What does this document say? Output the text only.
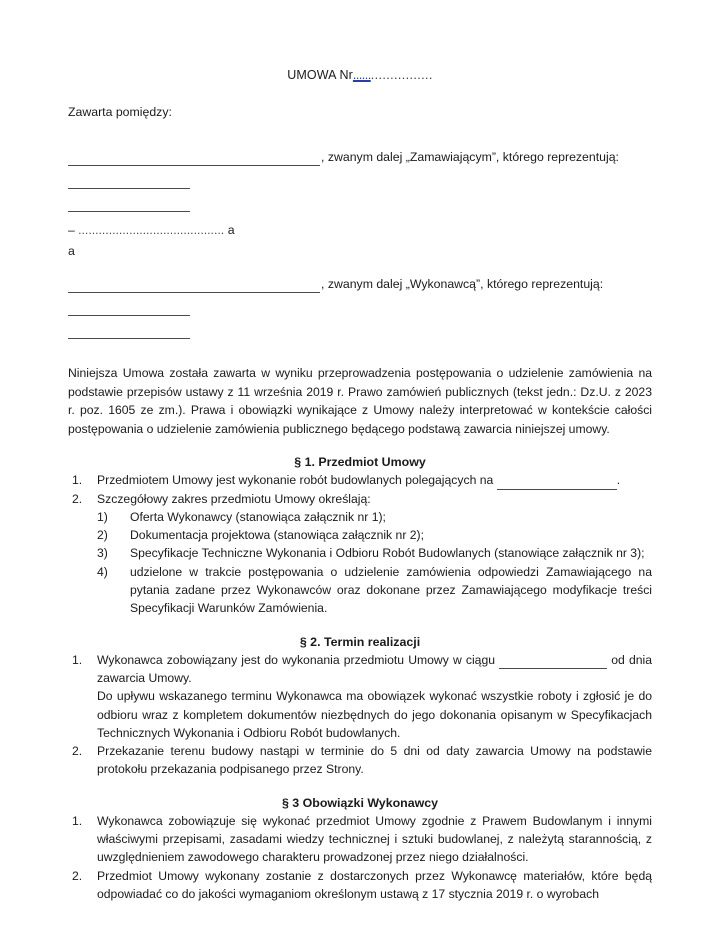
UMOWA Nr......................

Zawarta pomiędzy:

, zwanym dalej „Zamawiającym”, którego reprezentują:
– ........................................... a

a

, zwanym dalej „Wykonawcą”, którego reprezentują:

Niniejsza Umowa została zawarta w wyniku przeprowadzenia postępowania o udzielenie zamówienia na podstawie przepisów ustawy z 11 września 2019 r. Prawo zamówień publicznych (tekst jedn.: Dz.U. z 2023 r. poz. 1605 ze zm.). Prawa i obowiązki wynikające z Umowy należy interpretować w kontekście całości postępowania o udzielenie zamówienia publicznego będącego podstawą zawarcia niniejszej umowy.

§ 1. Przedmiot Umowy
1.	Przedmiotem Umowy jest wykonanie robót budowlanych polegających na	.
2.	Szczegółowy zakres przedmiotu Umowy określają:
1)	Oferta Wykonawcy (stanowiąca załącznik nr 1);
2)	Dokumentacja projektowa (stanowiąca załącznik nr 2);
3)	Specyfikacje Techniczne Wykonania i Odbioru Robót Budowlanych (stanowiące załącznik nr 3);
4)	udzielone w trakcie postępowania o udzielenie zamówienia odpowiedzi Zamawiającego na pytania zadane przez Wykonawców oraz dokonane przez Zamawiającego modyfikacje treści Specyfikacji Warunków Zamówienia.
§ 2. Termin realizacji
1.	Wykonawca zobowiązany jest do wykonania przedmiotu Umowy w ciągu	od dnia zawarcia Umowy.

Do upływu wskazanego terminu Wykonawca ma obowiązek wykonać wszystkie roboty i zgłosić je do odbioru wraz z kompletem dokumentów niezbędnych do jego dokonania opisanym w Specyfikacjach Technicznych Wykonania i Odbioru Robót budowlanych.

2.	Przekazanie terenu budowy nastąpi w terminie do 5 dni od daty zawarcia Umowy na podstawie protokołu przekazania podpisanego przez Strony.
§ 3 Obowiązki Wykonawcy
1.	Wykonawca zobowiązuje się wykonać przedmiot Umowy zgodnie z Prawem Budowlanym i innymi właściwymi przepisami, zasadami wiedzy technicznej i sztuki budowlanej, z należytą starannością, z uwzględnieniem zawodowego charakteru prowadzonej przez niego działalności.
2.	Przedmiot Umowy wykonany zostanie z dostarczonych przez Wykonawcę materiałów, które będą odpowiadać co do jakości wymaganiom określonym ustawą z 17 stycznia 2019 r. o wyrobach
